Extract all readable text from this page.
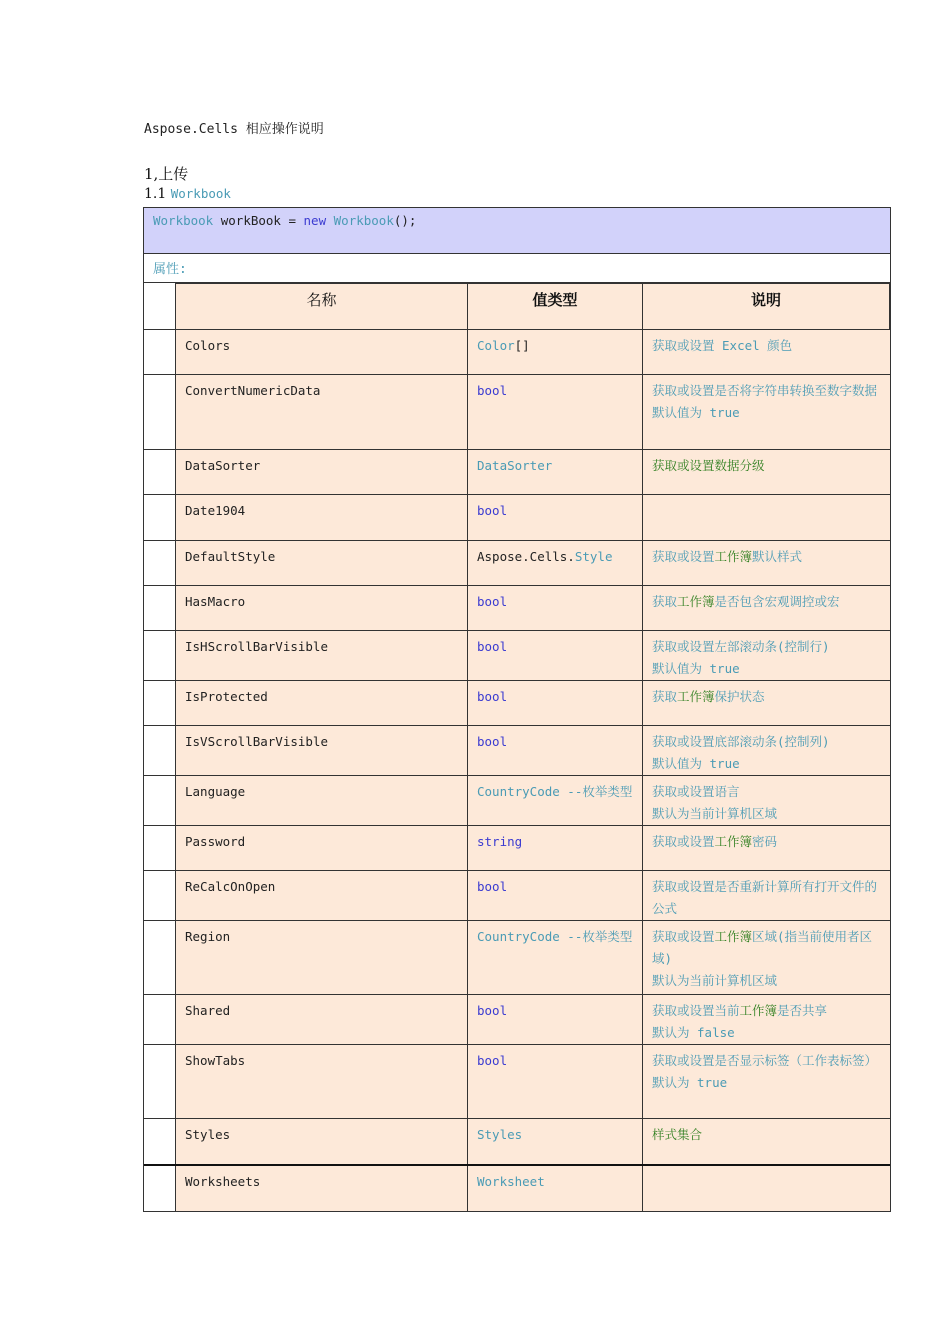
Aspose.Cells 相应操作说明
1,上传
1.1 Workbook
Workbook workBook = new Workbook();
属性:
	名称	值类型	说明
	Colors	Color[]	获取或设置 Excel 颜色

	ConvertNumericData	bool	获取或设置是否将字符串转换至数字数据
默认值为 true

	DataSorter	DataSorter	获取或设置数据分级

	Date1904	bool	
	DefaultStyle	Aspose.Cells.Style	获取或设置工作簿默认样式

	HasMacro	bool	获取工作簿是否包含宏观调控或宏

	IsHScrollBarVisible	bool	获取或设置左部滚动条(控制行)
默认值为 true

	IsProtected	bool	获取工作簿保护状态

	IsVScrollBarVisible	bool	获取或设置底部滚动条(控制列)
默认值为 true

	Language	CountryCode --枚举类型	获取或设置语言
默认为当前计算机区域

	Password	string	获取或设置工作簿密码

	ReCalcOnOpen	bool	获取或设置是否重新计算所有打开文件的公式

	Region	CountryCode --枚举类型	获取或设置工作簿区域(指当前使用者区域)
默认为当前计算机区域

	Shared	bool	获取或设置当前工作簿是否共享
默认为 false

	ShowTabs	bool	获取或设置是否显示标签（工作表标签）
默认为 true

	Styles	Styles	样式集合

	Worksheets	Worksheet	
